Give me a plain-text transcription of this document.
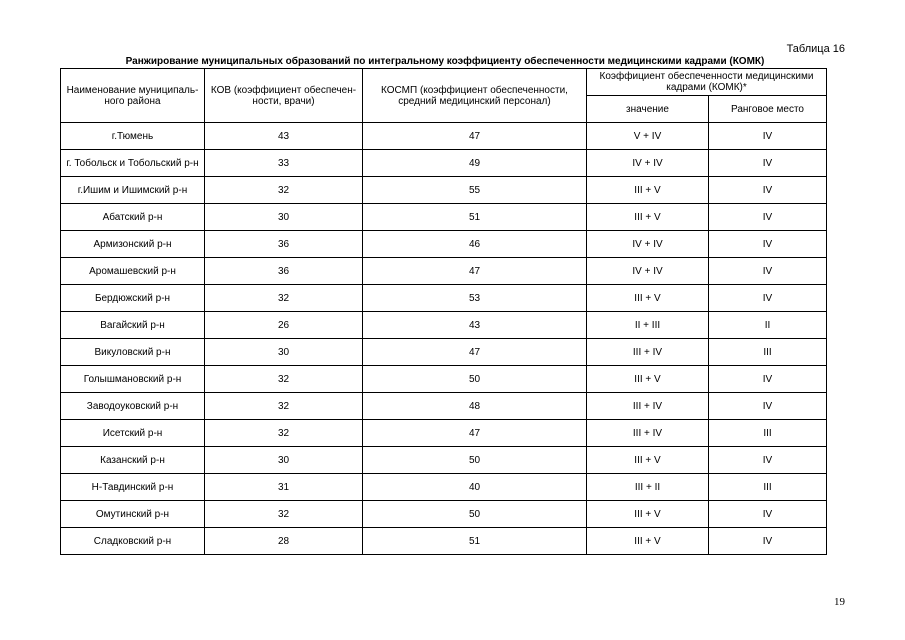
Таблица 16
Ранжирование муниципальных образований по интегральному коэффициенту обеспеченности медицинскими кадрами (КОМК)
Наименование муниципаль-ного района	КОВ (коэффициент обеспечен-ности, врачи)	КОСМП (коэффициент обеспеченности, средний медицинский персонал)	Коэффициент обеспеченности медицинскими кадрами (КОМК)*	
			значение	Ранговое место
г.Тюмень	43	47	V + IV	IV
г. Тобольск и Тобольский р-н	33	49	IV + IV	IV
г.Ишим и Ишимский р-н	32	55	III + V	IV
Абатский р-н	30	51	III + V	IV
Армизонский р-н	36	46	IV + IV	IV
Аромашевский р-н	36	47	IV + IV	IV
Бердюжский р-н	32	53	III + V	IV
Вагайский р-н	26	43	II + III	II
Викуловский р-н	30	47	III + IV	III
Голышмановский р-н	32	50	III + V	IV
Заводоуковский р-н	32	48	III + IV	IV
Исетский р-н	32	47	III + IV	III
Казанский р-н	30	50	III + V	IV
Н-Тавдинский р-н	31	40	III + II	III
Омутинский р-н	32	50	III + V	IV
Сладковский р-н	28	51	III + V	IV
19
